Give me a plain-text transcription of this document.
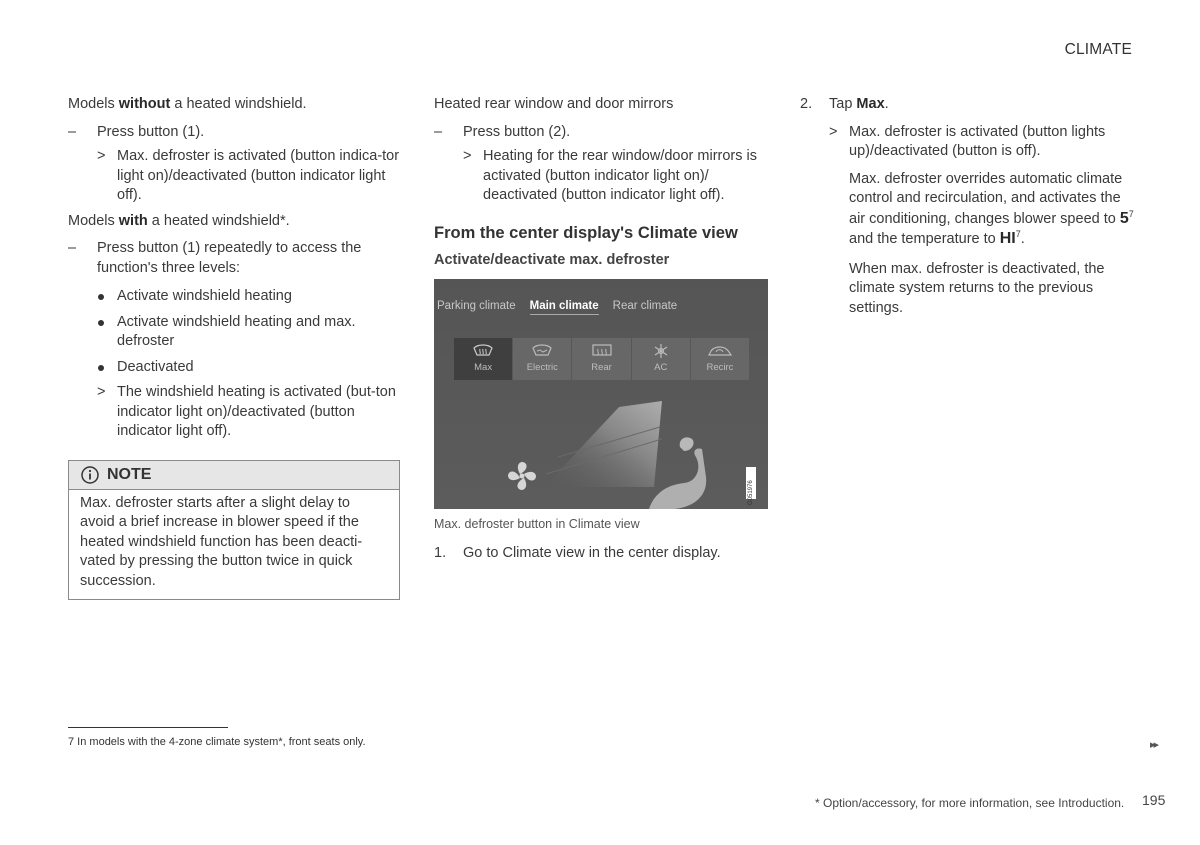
CLIMATE
Models without a heated windshield.
– Press button (1).
> Max. defroster is activated (button indica-tor light on)/deactivated (button indicator light off).
Models with a heated windshield*.
– Press button (1) repeatedly to access the function's three levels:
Activate windshield heating
Activate windshield heating and max. defroster
Deactivated
> The windshield heating is activated (but-ton indicator light on)/deactivated (button indicator light off).
NOTE
Max. defroster starts after a slight delay to avoid a brief increase in blower speed if the heated windshield function has been deacti-vated by pressing the button twice in quick succession.
Heated rear window and door mirrors
– Press button (2).
> Heating for the rear window/door mirrors is activated (button indicator light on)/ deactivated (button indicator light off).
From the center display's Climate view
Activate/deactivate max. defroster
Parking climate Main climate Rear climate
Max	Electric	Rear	AC	Recirc
G051976
Max. defroster button in Climate view
1. Go to Climate view in the center display.
2. Tap Max.
> Max. defroster is activated (button lights up)/deactivated (button is off).
Max. defroster overrides automatic climate control and recirculation, and activates the air conditioning, changes blower speed to $5^7$ and the temperature to $HI^7$.
When max. defroster is deactivated, the climate system returns to the previous settings.
7 In models with the 4-zone climate system*, front seats only.	▸▸
* Option/accessory, for more information, see Introduction. 195
